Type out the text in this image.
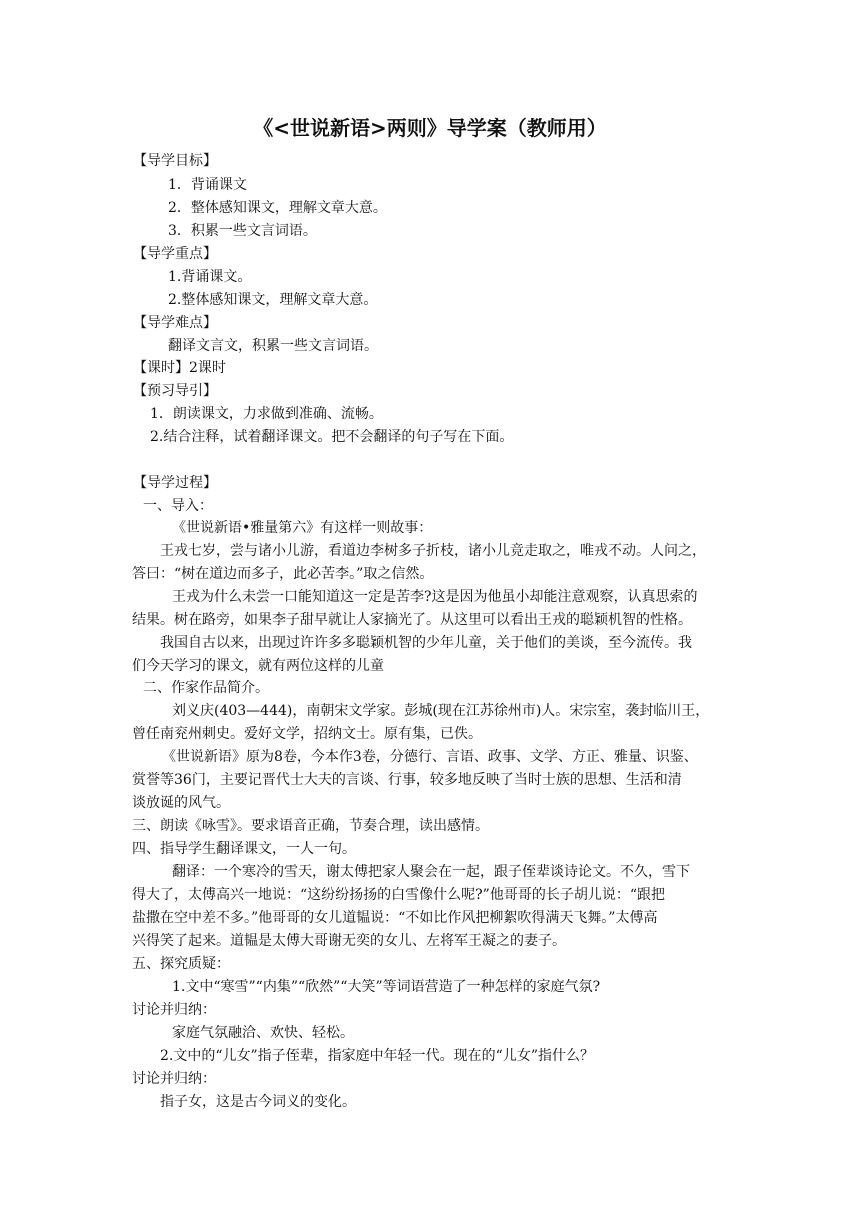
《<世说新语>两则》导学案（教师用）

【导学目标】

1．背诵课文

2．整体感知课文，理解文章大意。

3．积累一些文言词语。

【导学重点】

1.背诵课文。

2.整体感知课文，理解文章大意。

【导学难点】

翻译文言文，积累一些文言词语。

【课时】2课时

【预习导引】

1．朗读课文，力求做到准确、流畅。

2.结合注释，试着翻译课文。把不会翻译的句子写在下面。

【导学过程】

一、导入：

《世说新语•雅量第六》有这样一则故事：

王戎七岁，尝与诸小儿游，看道边李树多子折枝，诸小儿竞走取之，唯戎不动。人问之，

答曰：“树在道边而多子，此必苦李。”取之信然。

王戎为什么未尝一口能知道这一定是苦李?这是因为他虽小却能注意观察，认真思索的

结果。树在路旁，如果李子甜早就让人家摘光了。从这里可以看出王戎的聪颖机智的性格。

我国自古以来，出现过许许多多聪颖机智的少年儿童，关于他们的美谈，至今流传。我

们今天学习的课文，就有两位这样的儿童

二、作家作品简介。

刘义庆(403—444)，南朝宋文学家。彭城(现在江苏徐州市)人。宋宗室，袭封临川王，

曾任南兖州刺史。爱好文学，招纳文士。原有集，已佚。

《世说新语》原为8卷，今本作3卷，分德行、言语、政事、文学、方正、雅量、识鉴、

赏誉等36门，主要记晋代士大夫的言谈、行事，较多地反映了当时士族的思想、生活和清

谈放诞的风气。

三、朗读《咏雪》。要求语音正确，节奏合理，读出感情。

四、指导学生翻译课文，一人一句。

翻译：一个寒冷的雪天，谢太傅把家人聚会在一起，跟子侄辈谈诗论文。不久，雪下

得大了，太傅高兴一地说：“这纷纷扬扬的白雪像什么呢?”他哥哥的长子胡儿说：“跟把

盐撒在空中差不多。”他哥哥的女儿道韫说：“不如比作风把柳絮吹得满天飞舞。”太傅高

兴得笑了起来。道韫是太傅大哥谢无奕的女儿、左将军王凝之的妻子。

五、探究质疑：

1.文中“寒雪”“内集”“欣然”“大笑”等词语营造了一种怎样的家庭气氛?

讨论并归纳：

家庭气氛融洽、欢快、轻松。

2.文中的“儿女”指子侄辈，指家庭中年轻一代。现在的“儿女”指什么？

讨论并归纳：

指子女，这是古今词义的变化。
